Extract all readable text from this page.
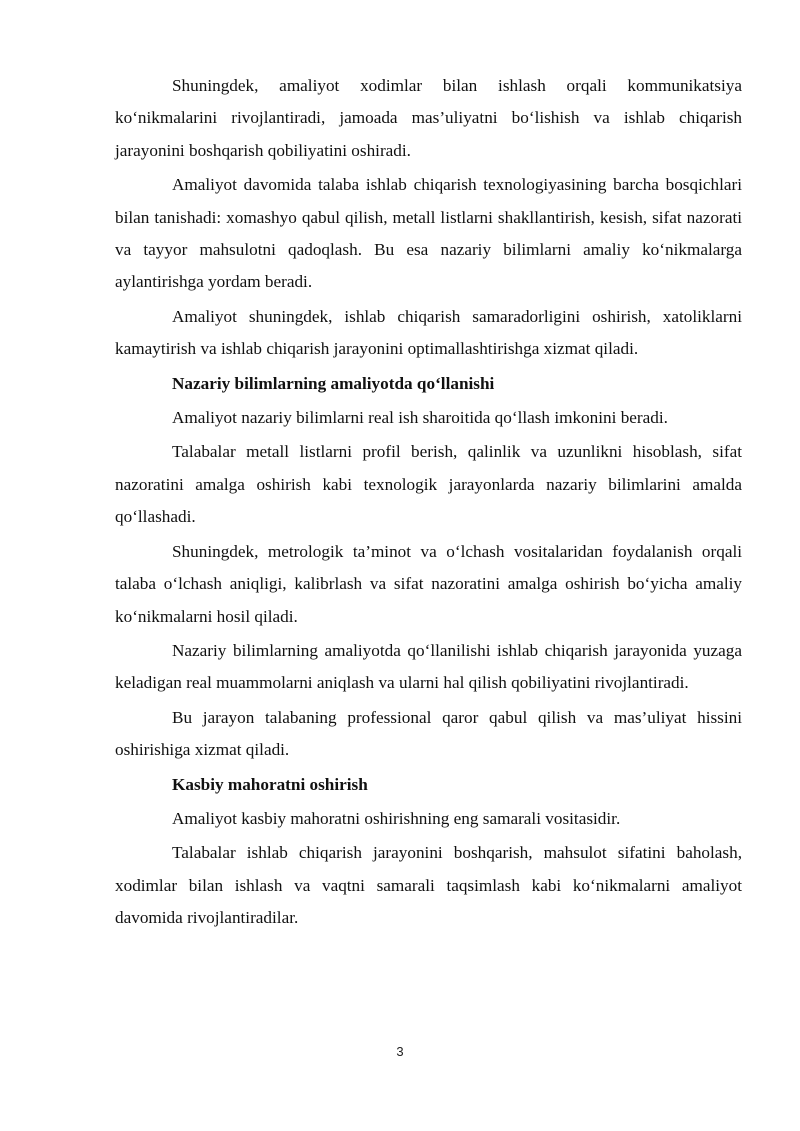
Shuningdek, amaliyot xodimlar bilan ishlash orqali kommunikatsiya ko‘nikmalarini rivojlantiradi, jamoada mas’uliyatni bo‘lishish va ishlab chiqarish jarayonini boshqarish qobiliyatini oshiradi.

Amaliyot davomida talaba ishlab chiqarish texnologiyasining barcha bosqichlari bilan tanishadi: xomashyo qabul qilish, metall listlarni shakllantirish, kesish, sifat nazorati va tayyor mahsulotni qadoqlash. Bu esa nazariy bilimlarni amaliy ko‘nikmalarga aylantirishga yordam beradi.

Amaliyot shuningdek, ishlab chiqarish samaradorligini oshirish, xatoliklarni kamaytirish va ishlab chiqarish jarayonini optimallashtirishga xizmat qiladi.

Nazariy bilimlarning amaliyotda qo‘llanishi

Amaliyot nazariy bilimlarni real ish sharoitida qo‘llash imkonini beradi.

Talabalar metall listlarni profil berish, qalinlik va uzunlikni hisoblash, sifat nazoratini amalga oshirish kabi texnologik jarayonlarda nazariy bilimlarini amalda qo‘llashadi.

Shuningdek, metrologik ta’minot va o‘lchash vositalaridan foydalanish orqali talaba o‘lchash aniqligi, kalibrlash va sifat nazoratini amalga oshirish bo‘yicha amaliy ko‘nikmalarni hosil qiladi.

Nazariy bilimlarning amaliyotda qo‘llanilishi ishlab chiqarish jarayonida yuzaga keladigan real muammolarni aniqlash va ularni hal qilish qobiliyatini rivojlantiradi.

Bu jarayon talabaning professional qaror qabul qilish va mas’uliyat hissini oshirishiga xizmat qiladi.

Kasbiy mahoratni oshirish

Amaliyot kasbiy mahoratni oshirishning eng samarali vositasidir.

Talabalar ishlab chiqarish jarayonini boshqarish, mahsulot sifatini baholash, xodimlar bilan ishlash va vaqtni samarali taqsimlash kabi ko‘nikmalarni amaliyot davomida rivojlantiradilar.

3
